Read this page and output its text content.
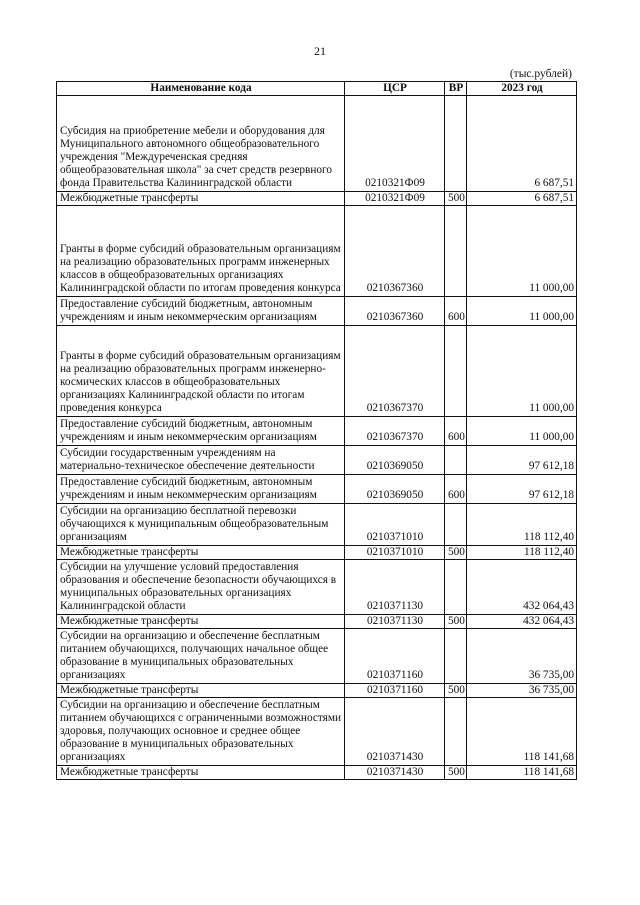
21
(тыс.рублей)
Наименование кода	ЦСР	ВР	2023 год
Субсидия на приобретение мебели и оборудования для Муниципального автономного общеобразовательного учреждения "Междуреченская средняя общеобразовательная школа" за счет средств резервного фонда Правительства Калининградской области	0210321Ф09		6 687,51
Межбюджетные трансферты	0210321Ф09	500	6 687,51
Гранты в форме субсидий образовательным организациям на реализацию образовательных программ инженерных классов в общеобразовательных организациях Калининградской области по итогам проведения конкурса	0210367360		11 000,00
Предоставление субсидий бюджетным, автономным учреждениям и иным некоммерческим организациям	0210367360	600	11 000,00
Гранты в форме субсидий образовательным организациям на реализацию образовательных программ инженерно-космических классов в общеобразовательных организациях Калининградской области по итогам проведения конкурса	0210367370		11 000,00
Предоставление субсидий бюджетным, автономным учреждениям и иным некоммерческим организациям	0210367370	600	11 000,00
Субсидии государственным учреждениям на материально-техническое обеспечение деятельности	0210369050		97 612,18
Предоставление субсидий бюджетным, автономным учреждениям и иным некоммерческим организациям	0210369050	600	97 612,18
Субсидии на организацию бесплатной перевозки обучающихся к муниципальным общеобразовательным организациям	0210371010		118 112,40
Межбюджетные трансферты	0210371010	500	118 112,40
Субсидии на улучшение условий предоставления образования и обеспечение безопасности обучающихся в муниципальных образовательных организациях Калининградской области	0210371130		432 064,43
Межбюджетные трансферты	0210371130	500	432 064,43
Субсидии на организацию и обеспечение бесплатным питанием обучающихся, получающих начальное общее образование в муниципальных образовательных организациях	0210371160		36 735,00
Межбюджетные трансферты	0210371160	500	36 735,00
Субсидии на организацию и обеспечение бесплатным питанием обучающихся с ограниченными возможностями здоровья, получающих основное и среднее общее образование в муниципальных образовательных организациях	0210371430		118 141,68
Межбюджетные трансферты	0210371430	500	118 141,68
